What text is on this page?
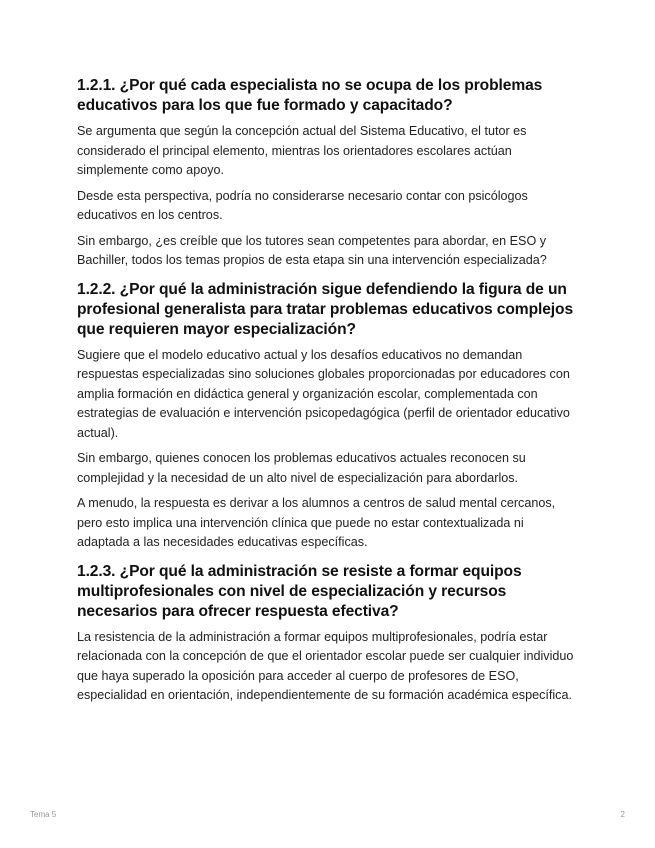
1.2.1. ¿Por qué cada especialista no se ocupa de los problemas educativos para los que fue formado y capacitado?

Se argumenta que según la concepción actual del Sistema Educativo, el tutor es considerado el principal elemento, mientras los orientadores escolares actúan simplemente como apoyo.

Desde esta perspectiva, podría no considerarse necesario contar con psicólogos educativos en los centros.

Sin embargo, ¿es creíble que los tutores sean competentes para abordar, en ESO y Bachiller, todos los temas propios de esta etapa sin una intervención especializada?

1.2.2. ¿Por qué la administración sigue defendiendo la figura de un profesional generalista para tratar problemas educativos complejos que requieren mayor especialización?

Sugiere que el modelo educativo actual y los desafíos educativos no demandan respuestas especializadas sino soluciones globales proporcionadas por educadores con amplia formación en didáctica general y organización escolar, complementada con estrategias de evaluación e intervención psicopedagógica (perfil de orientador educativo actual).

Sin embargo, quienes conocen los problemas educativos actuales reconocen su complejidad y la necesidad de un alto nivel de especialización para abordarlos.

A menudo, la respuesta es derivar a los alumnos a centros de salud mental cercanos, pero esto implica una intervención clínica que puede no estar contextualizada ni adaptada a las necesidades educativas específicas.

1.2.3. ¿Por qué la administración se resiste a formar equipos multiprofesionales con nivel de especialización y recursos necesarios para ofrecer respuesta efectiva?

La resistencia de la administración a formar equipos multiprofesionales, podría estar relacionada con la concepción de que el orientador escolar puede ser cualquier individuo que haya superado la oposición para acceder al cuerpo de profesores de ESO, especialidad en orientación, independientemente de su formación académica específica.

Tema 5	2
